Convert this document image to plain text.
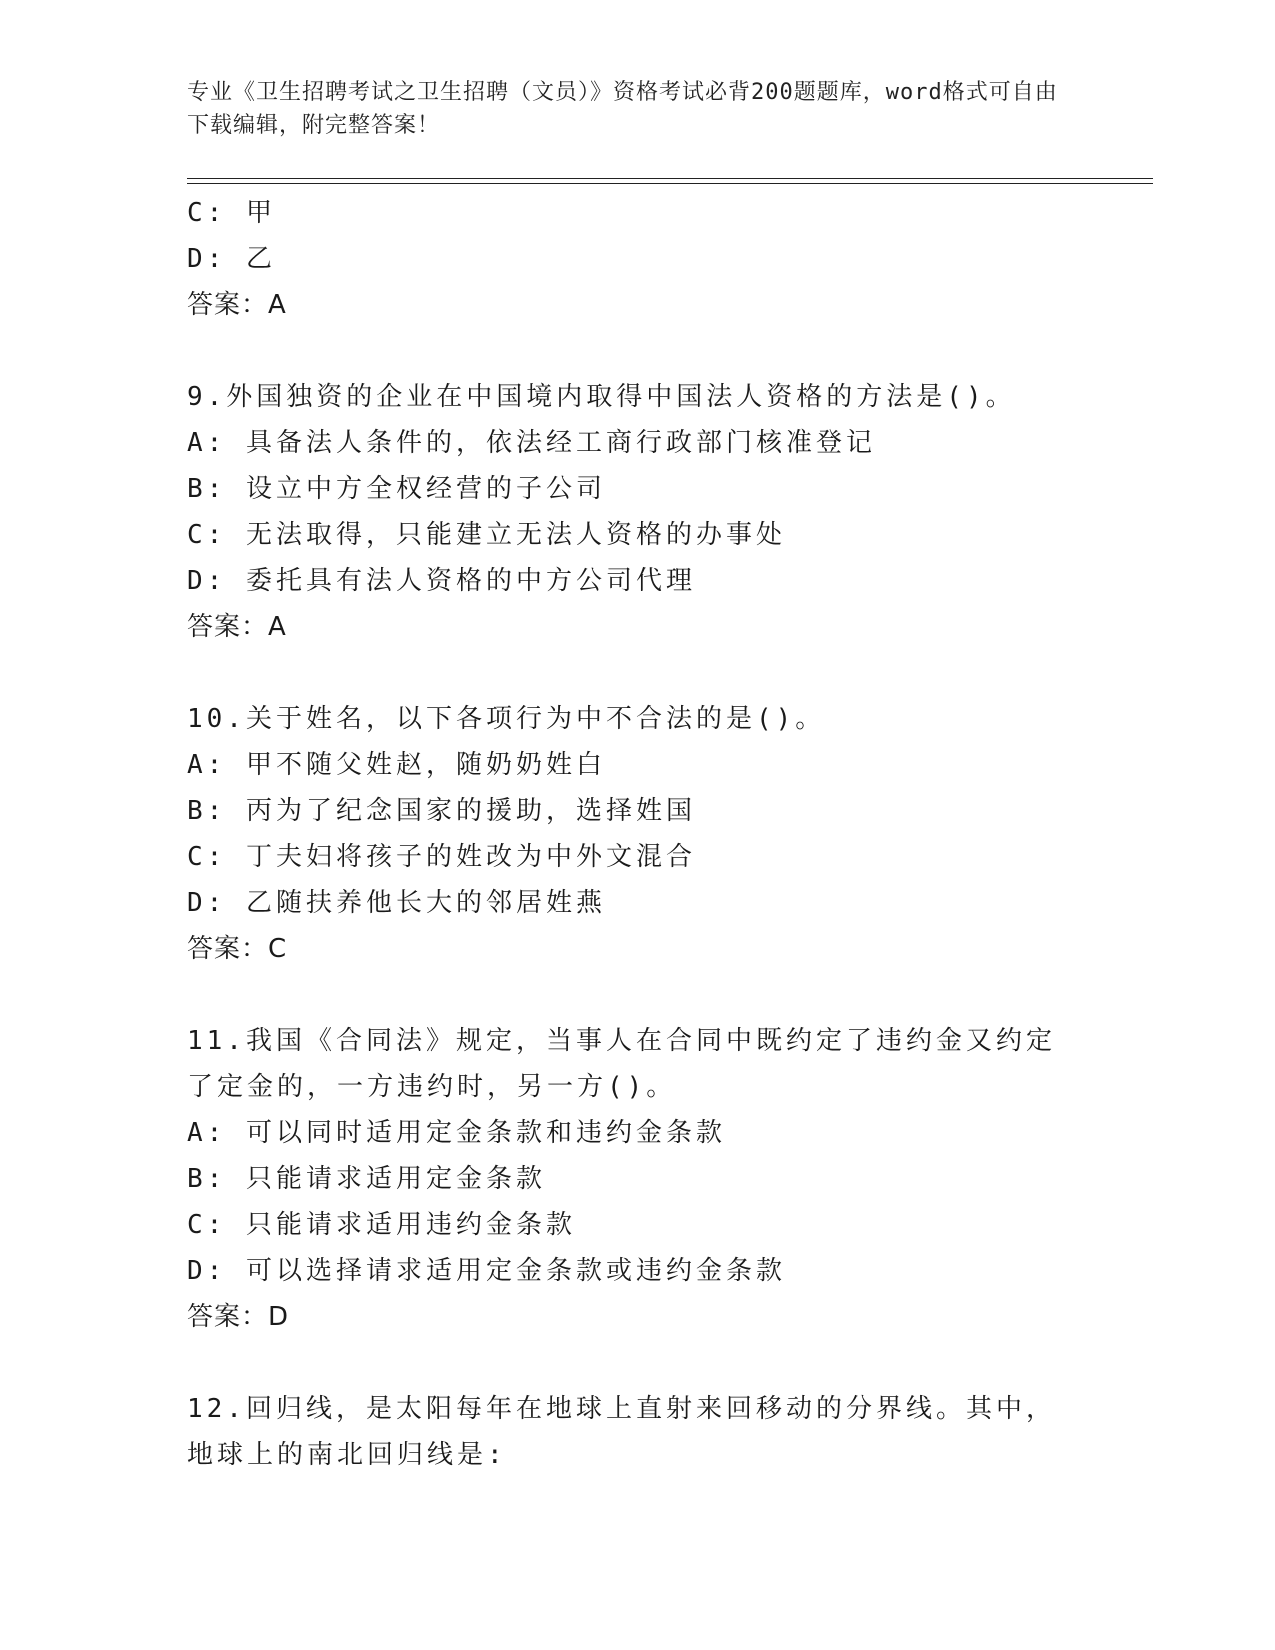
专业《卫生招聘考试之卫生招聘（文员）》资格考试必背200题题库，word格式可自由下载编辑，附完整答案！
C: 甲
D: 乙
答案：A
9.外国独资的企业在中国境内取得中国法人资格的方法是()。
A: 具备法人条件的，依法经工商行政部门核准登记
B: 设立中方全权经营的子公司
C: 无法取得，只能建立无法人资格的办事处
D: 委托具有法人资格的中方公司代理
答案：A
10.关于姓名，以下各项行为中不合法的是()。
A: 甲不随父姓赵，随奶奶姓白
B: 丙为了纪念国家的援助，选择姓国
C: 丁夫妇将孩子的姓改为中外文混合
D: 乙随扶养他长大的邻居姓燕
答案：C
11.我国《合同法》规定，当事人在合同中既约定了违约金又约定了定金的，一方违约时，另一方()。
A: 可以同时适用定金条款和违约金条款
B: 只能请求适用定金条款
C: 只能请求适用违约金条款
D: 可以选择请求适用定金条款或违约金条款
答案：D
12.回归线，是太阳每年在地球上直射来回移动的分界线。其中，地球上的南北回归线是:
